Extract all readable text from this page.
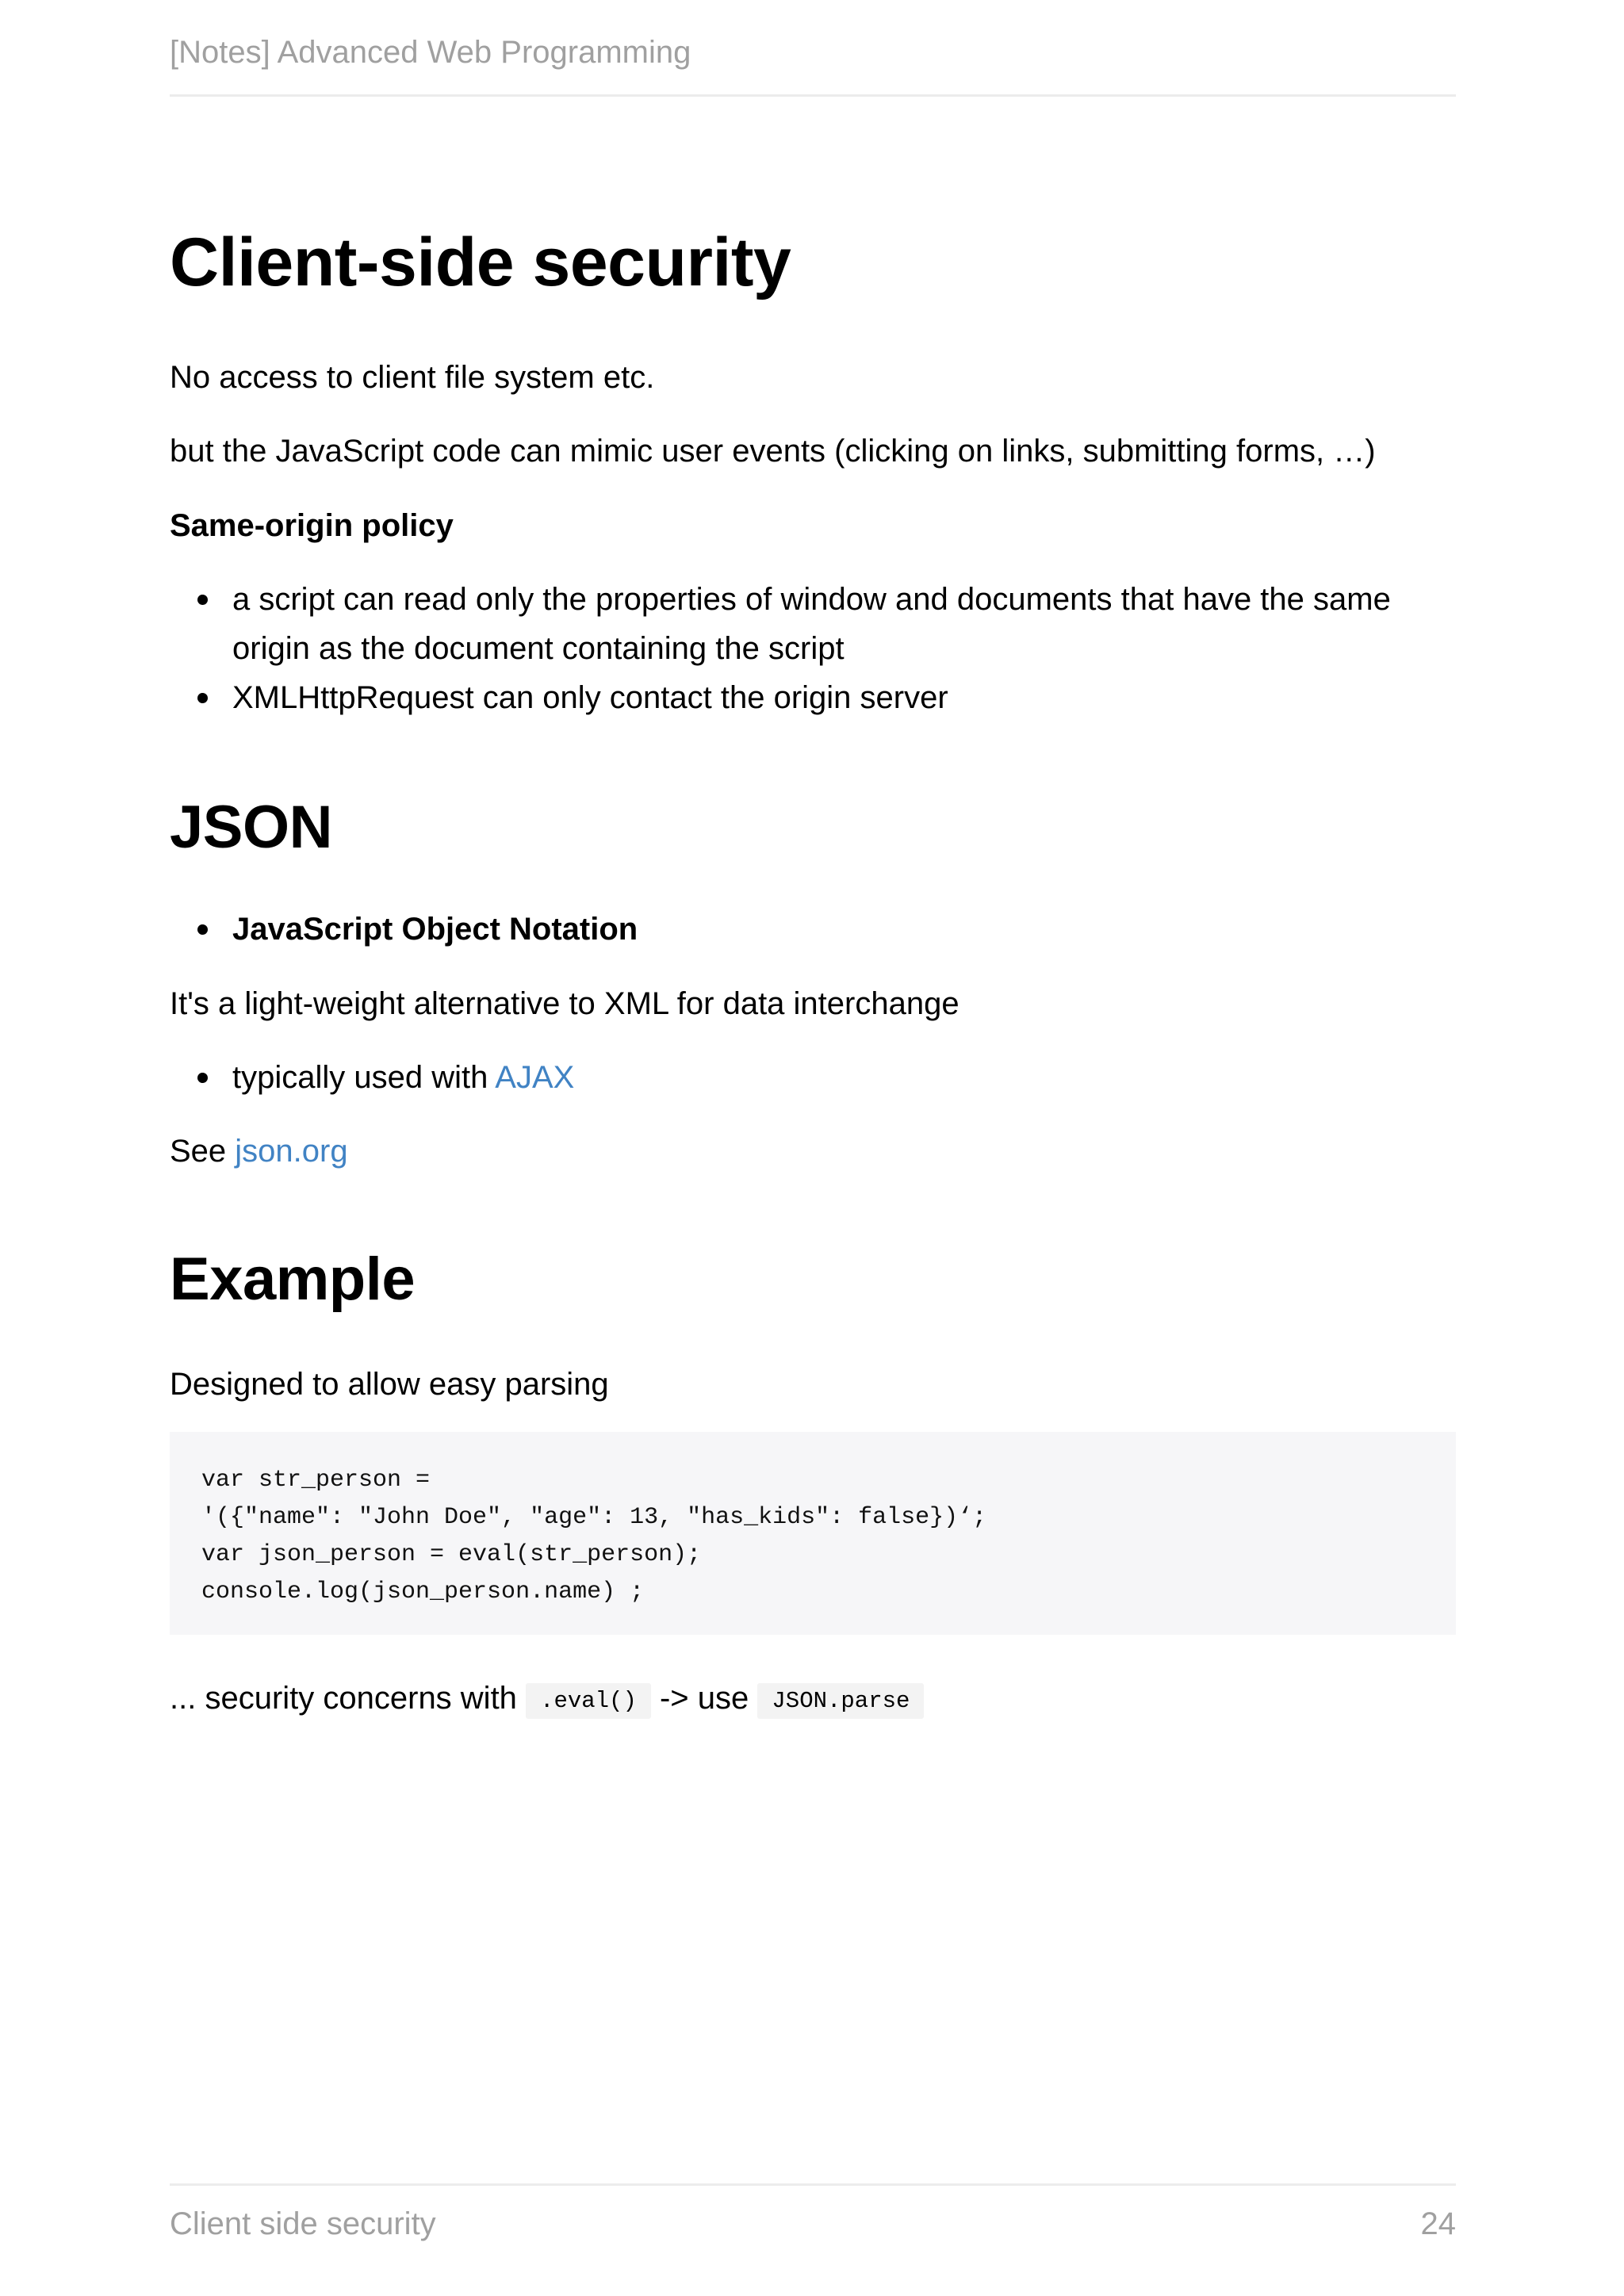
[Notes] Advanced Web Programming
Client-side security

No access to client file system etc.

but the JavaScript code can mimic user events (clicking on links, submitting forms, …)

Same-origin policy

a script can read only the properties of window and documents that have the same
origin as the document containing the script
XMLHttpRequest can only contact the origin server
JSON
JavaScript Object Notation

It's a light-weight alternative to XML for data interchange

typically used with AJAX

See json.org

Example

Designed to allow easy parsing

var str_person =
'({"name": "John Doe", "age": 13, "has_kids": false})‘;
var json_person = eval(str_person);
console.log(json_person.name) ;

... security concerns with .eval() -> use JSON.parse

Client side security	24
